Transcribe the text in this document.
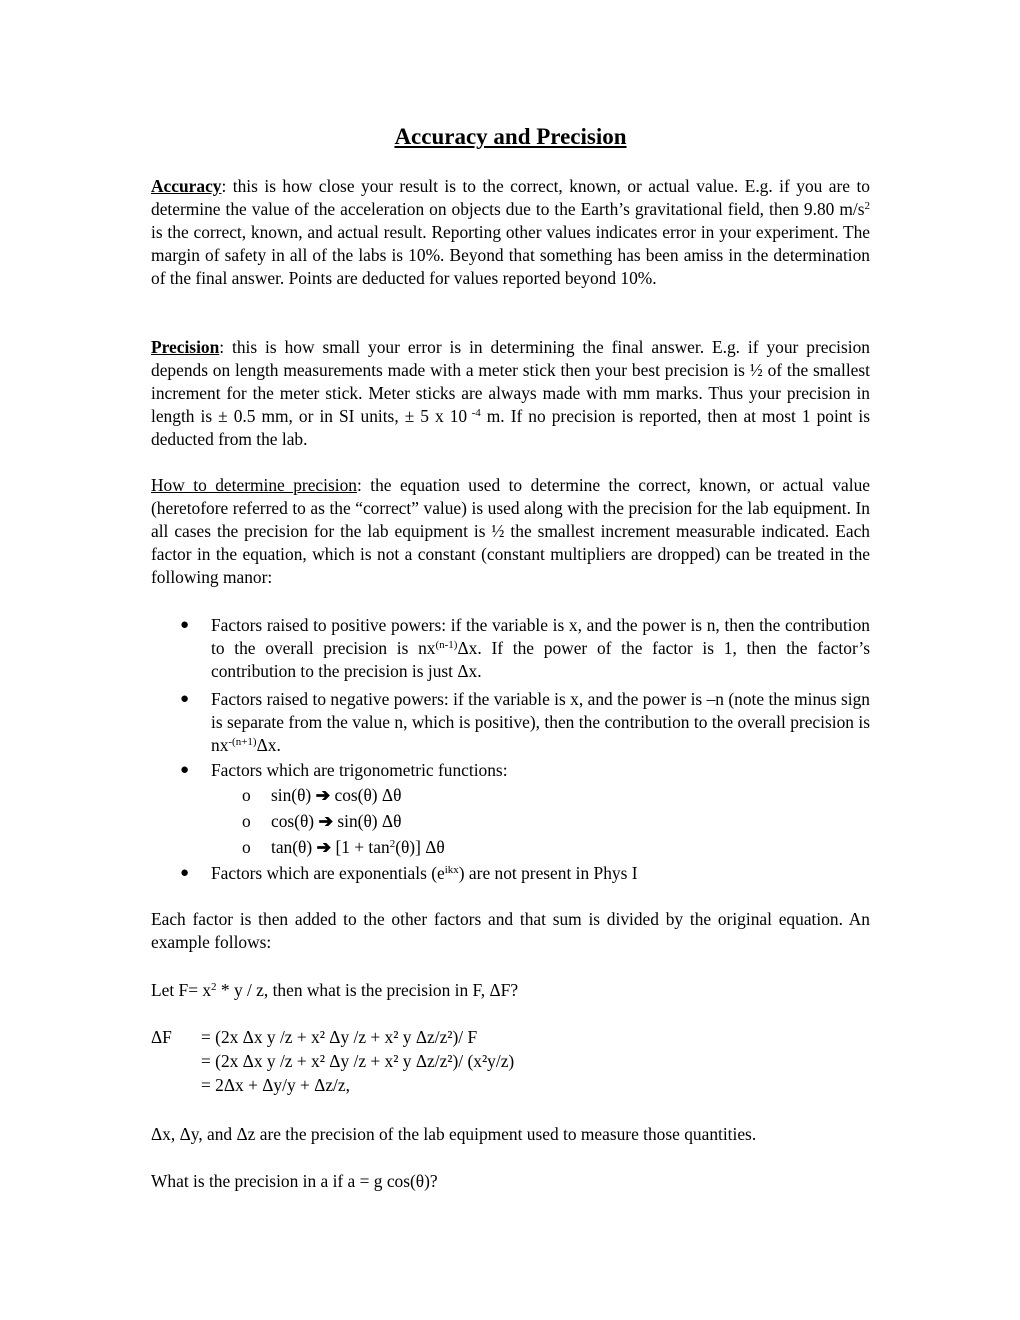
Accuracy and Precision

Accuracy: this is how close your result is to the correct, known, or actual value. E.g. if you are to determine the value of the acceleration on objects due to the Earth’s gravitational field, then 9.80 $m/s^2$ is the correct, known, and actual result. Reporting other values indicates error in your experiment. The margin of safety in all of the labs is 10%. Beyond that something has been amiss in the determination of the final answer. Points are deducted for values reported beyond 10%.

Precision: this is how small your error is in determining the final answer. E.g. if your precision depends on length measurements made with a meter stick then your best precision is ½ of the smallest increment for the meter stick. Meter sticks are always made with mm marks. Thus your precision in length is ± 0.5 mm, or in SI units, ± 5 x 10 $^{-4}$ m. If no precision is reported, then at most 1 point is deducted from the lab.

How to determine precision: the equation used to determine the correct, known, or actual value (heretofore referred to as the “correct” value) is used along with the precision for the lab equipment. In all cases the precision for the lab equipment is ½ the smallest increment measurable indicated. Each factor in the equation, which is not a constant (constant multipliers are dropped) can be treated in the following manor:

● Factors raised to positive powers: if the variable is x, and the power is n, then the contribution to the overall precision is $nx^{(n-1)}\Delta x$. If the power of the factor is 1, then the factor’s contribution to the precision is just Δx.
● Factors raised to negative powers: if the variable is x, and the power is –n (note the minus sign is separate from the value n, which is positive), then the contribution to the overall precision is $nx^{-(n+1)}\Delta x$.
● Factors which are trigonometric functions:
o sin(θ) ➔ cos(θ) Δθ
o cos(θ) ➔ sin(θ) Δθ
o tan(θ) ➔ $[1 + \tan^2(\theta)]$ Δθ
● Factors which are exponentials $(e^{ikx})$ are not present in Phys I

Each factor is then added to the other factors and that sum is divided by the original equation. An example follows:

Let $F= x^2 * y / z$, then what is the precision in F, ΔF?

ΔF = (2x Δx y /z + x² Δy /z + x² y Δz/z²)/ F
= (2x Δx y /z + x² Δy /z + x² y Δz/z²)/ (x²y/z)
= 2Δx + Δy/y + Δz/z,

Δx, Δy, and Δz are the precision of the lab equipment used to measure those quantities.

What is the precision in a if a = g cos(θ)?
